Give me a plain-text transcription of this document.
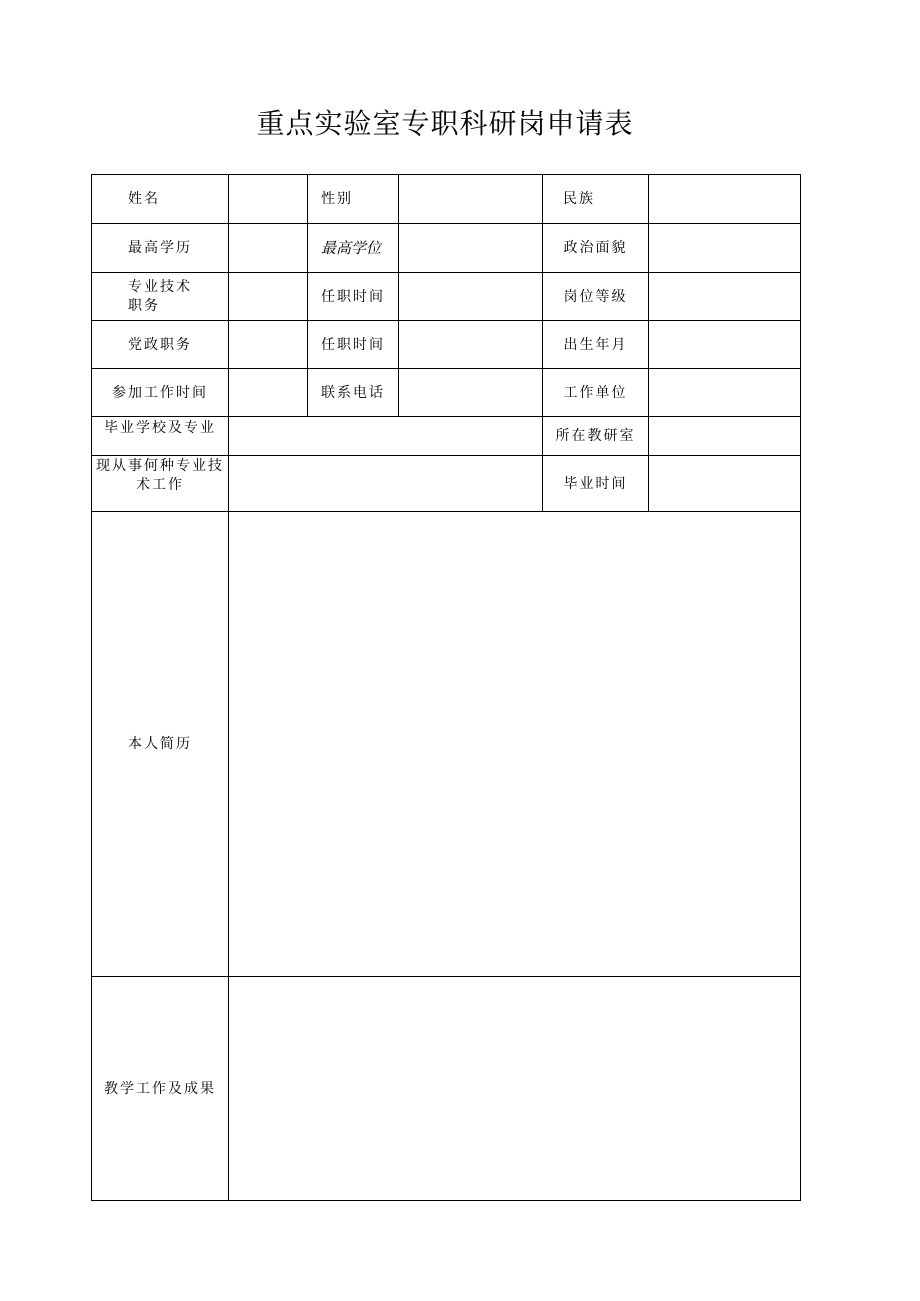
重点实验室专职科研岗申请表
姓名		性别		民族	
最高学历		最高学位		政治面貌	

专业技术
职务		任职时间		岗位等级	
党政职务		任职时间		出生年月	
参加工作时间		联系电话		工作单位	
毕业学校及专业				所在教研室	

现从事何种专业技
术工作				毕业时间	
本人简历					
教学工作及成果					
